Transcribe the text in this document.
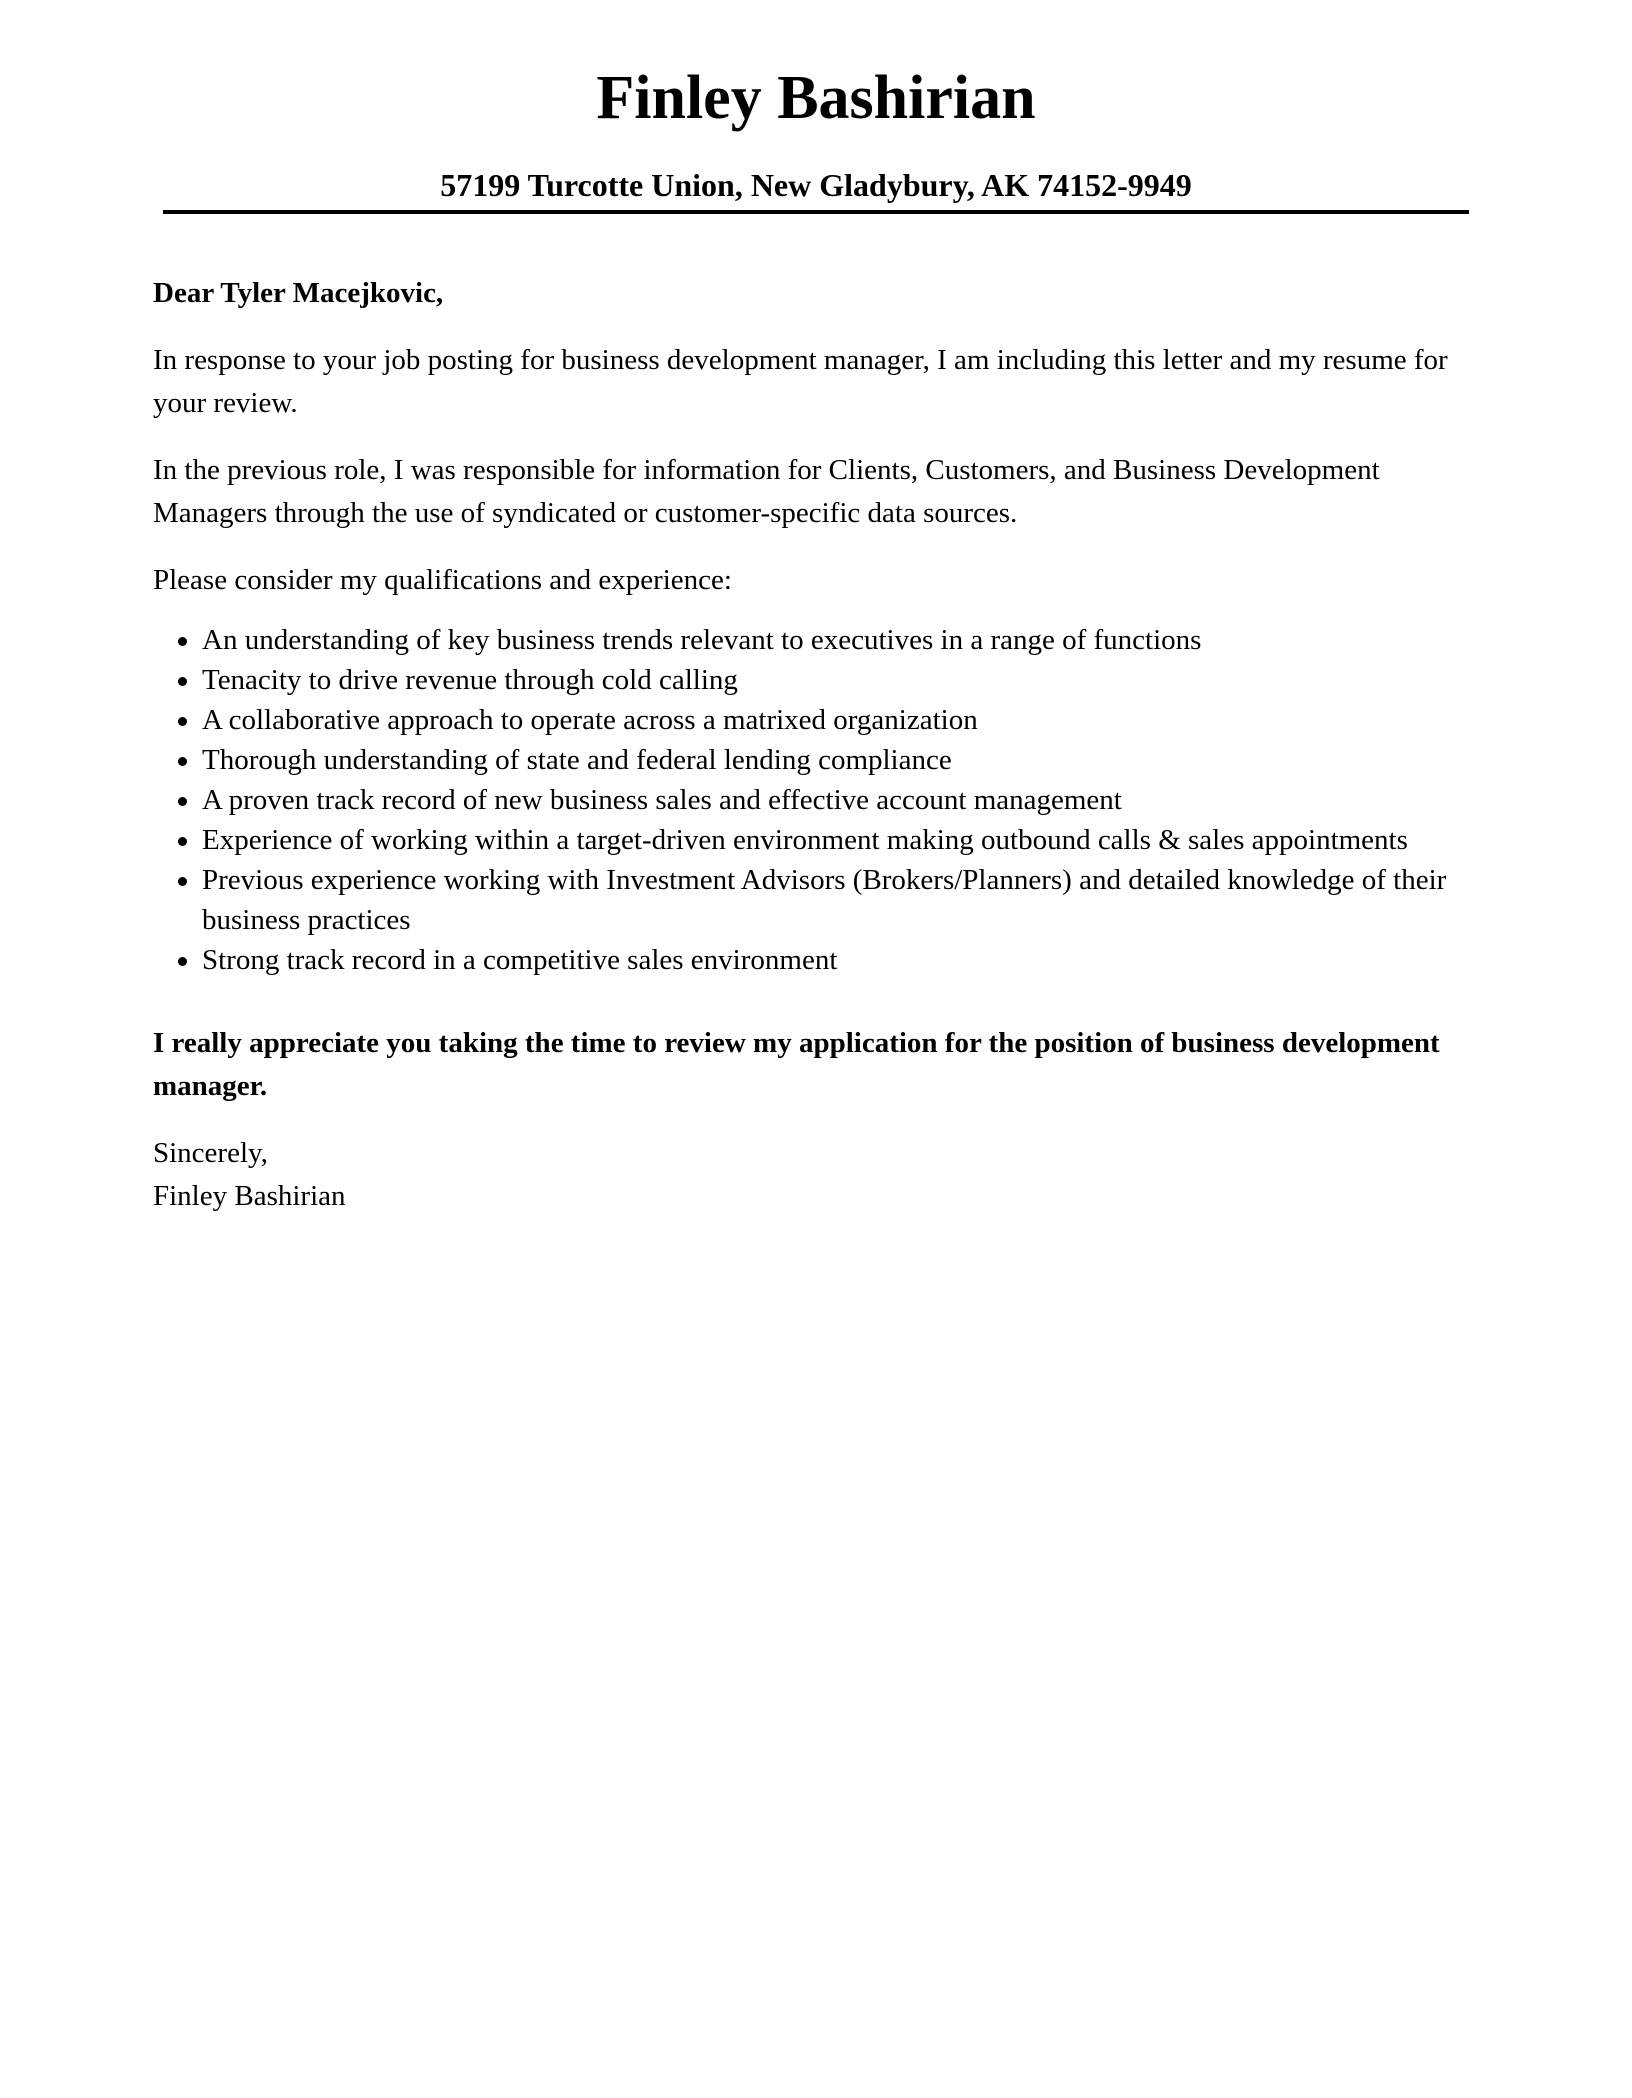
Finley Bashirian

57199 Turcotte Union, New Gladybury, AK 74152-9949

Dear Tyler Macejkovic,

In response to your job posting for business development manager, I am including this letter and my resume for your review.

In the previous role, I was responsible for information for Clients, Customers, and Business Development Managers through the use of syndicated or customer-specific data sources.

Please consider my qualifications and experience:

An understanding of key business trends relevant to executives in a range of functions
Tenacity to drive revenue through cold calling
A collaborative approach to operate across a matrixed organization
Thorough understanding of state and federal lending compliance
A proven track record of new business sales and effective account management
Experience of working within a target-driven environment making outbound calls & sales appointments
Previous experience working with Investment Advisors (Brokers/Planners) and detailed knowledge of their business practices
Strong track record in a competitive sales environment

I really appreciate you taking the time to review my application for the position of business development manager.

Sincerely,

Finley Bashirian
